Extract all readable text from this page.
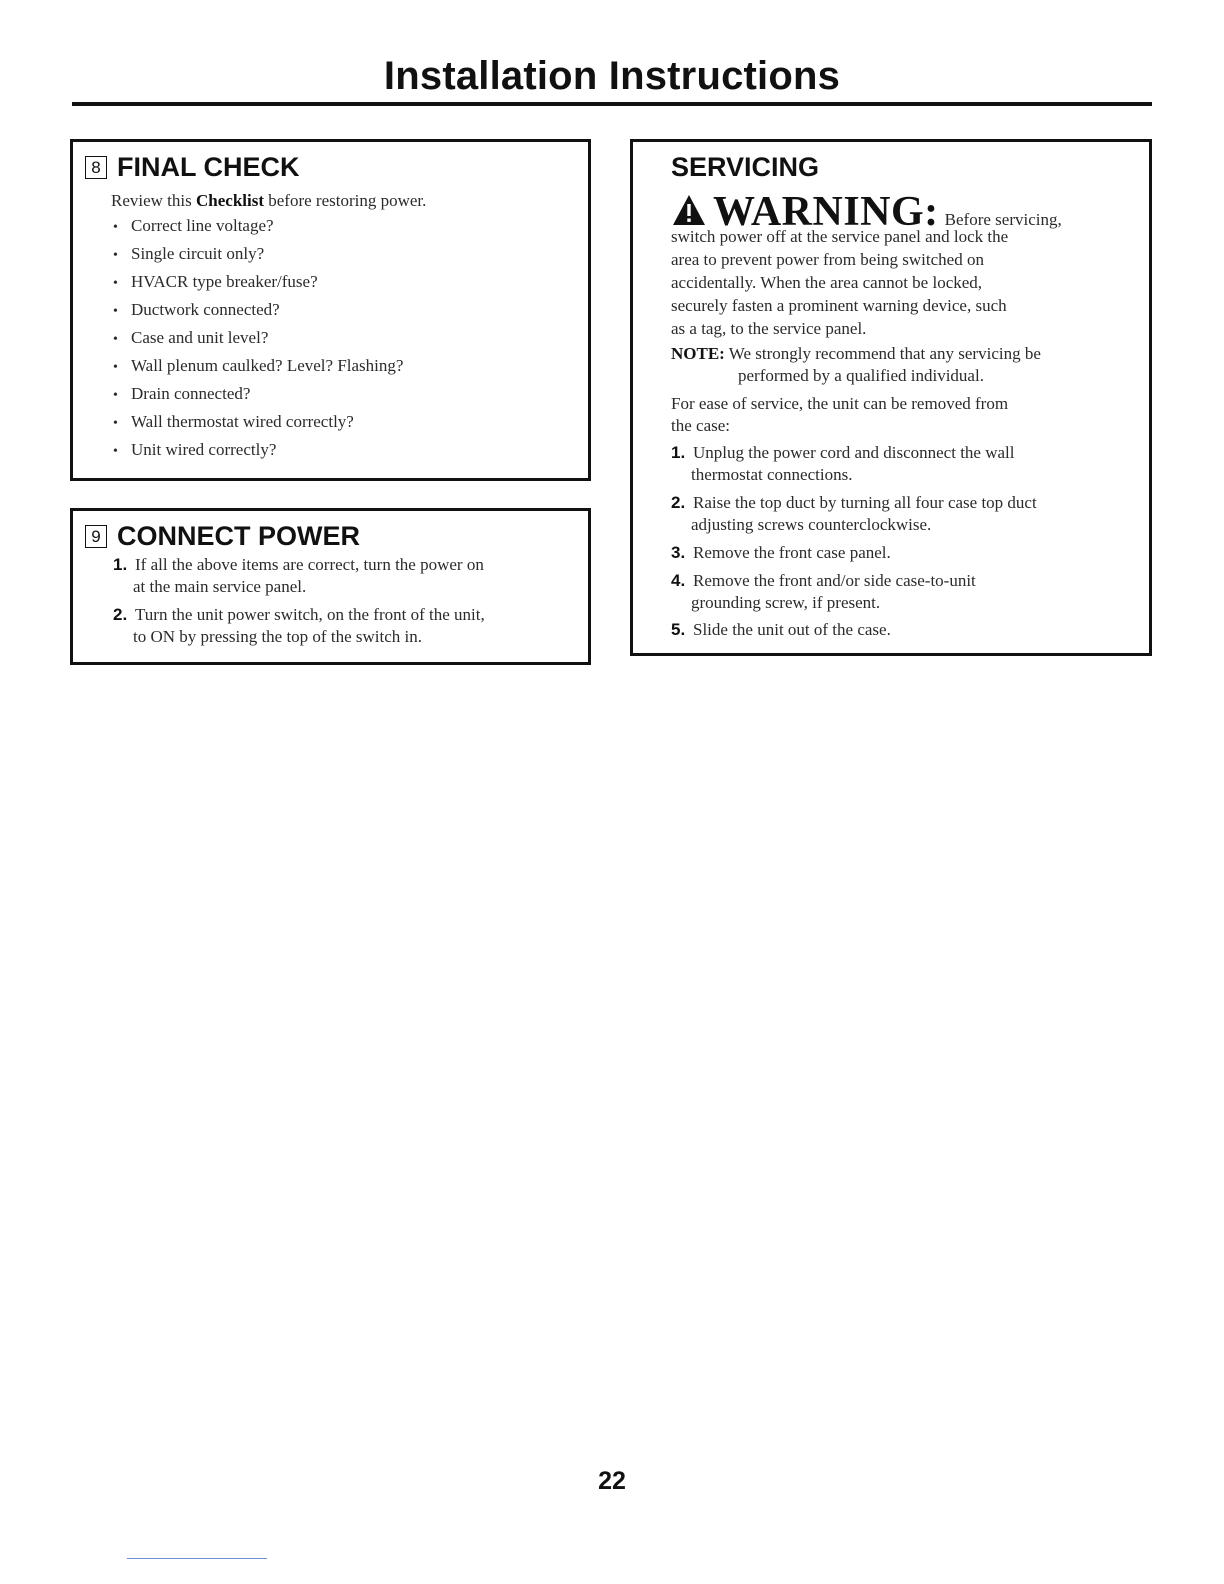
Installation Instructions
8 FINAL CHECK
Review this Checklist before restoring power.
• Correct line voltage?
• Single circuit only?
• HVACR type breaker/fuse?
• Ductwork connected?
• Case and unit level?
• Wall plenum caulked? Level? Flashing?
• Drain connected?
• Wall thermostat wired correctly?
• Unit wired correctly?
9 CONNECT POWER
1. If all the above items are correct, turn the power on
at the main service panel.
2. Turn the unit power switch, on the front of the unit,
to ON by pressing the top of the switch in.
SERVICING
WARNING: Before servicing,
switch power off at the service panel and lock the
area to prevent power from being switched on
accidentally. When the area cannot be locked,
securely fasten a prominent warning device, such
as a tag, to the service panel.
NOTE: We strongly recommend that any servicing be
performed by a qualified individual.
For ease of service, the unit can be removed from
the case:
1. Unplug the power cord and disconnect the wall
thermostat connections.
2. Raise the top duct by turning all four case top duct
adjusting screws counterclockwise.
3. Remove the front case panel.
4. Remove the front and/or side case-to-unit
grounding screw, if present.
5. Slide the unit out of the case.
22
